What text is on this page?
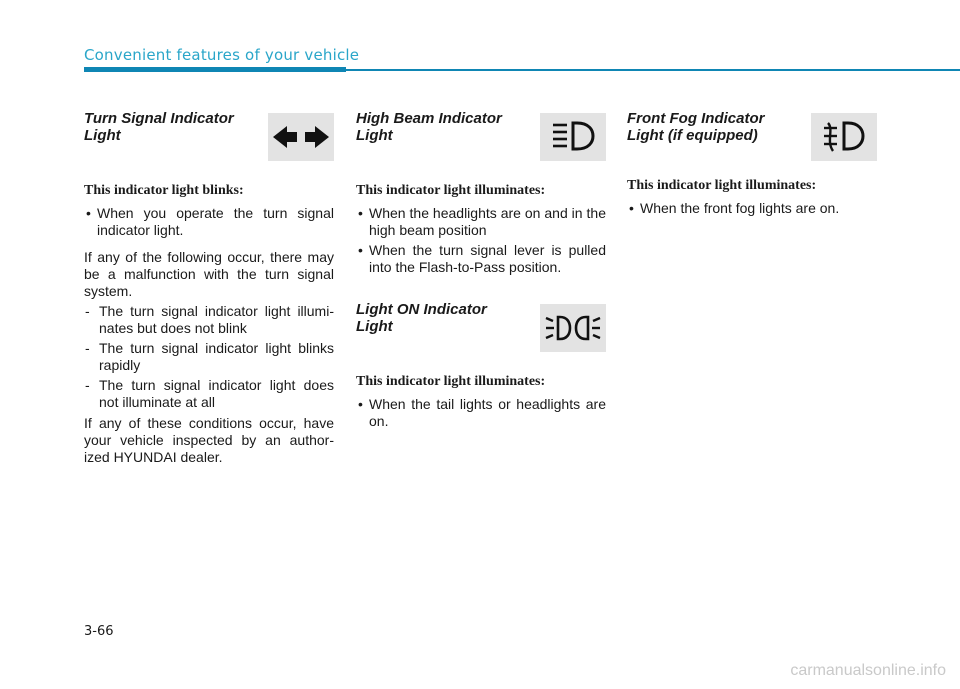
Convenient features of your vehicle
Turn Signal Indicator
Light
This indicator light blinks:
• When you operate the turn signal indicator light.

If any of the following occur, there may be a malfunction with the turn signal system.

- The turn signal indicator light illumi-nates but does not blink
- The turn signal indicator light blinks rapidly
- The turn signal indicator light does not illuminate at all

If any of these conditions occur, have your vehicle inspected by an author-ized HYUNDAI dealer.

High Beam Indicator
Light
This indicator light illuminates:
• When the headlights are on and in the high beam position
• When the turn signal lever is pulled into the Flash-to-Pass position.
Light ON Indicator
Light
This indicator light illuminates:
• When the tail lights or headlights are on.
Front Fog Indicator
Light (if equipped)
This indicator light illuminates:
• When the front fog lights are on.

3-66

carmanualsonline.info
